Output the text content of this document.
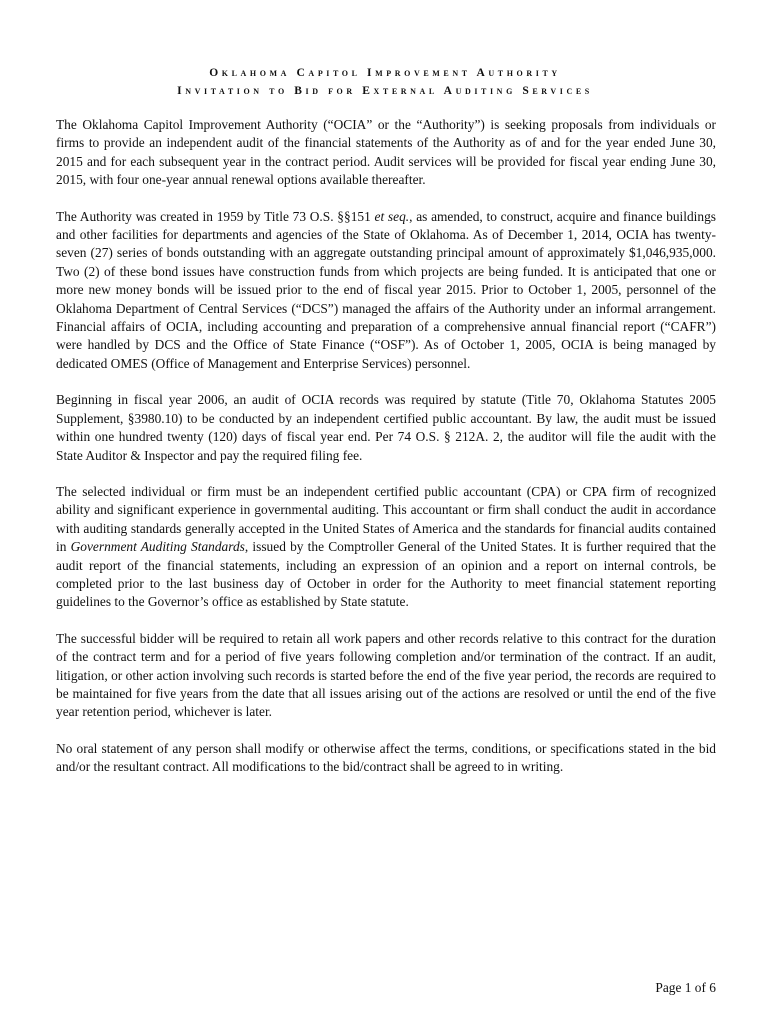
Oklahoma Capitol Improvement Authority
Invitation to Bid for External Auditing Services

The Oklahoma Capitol Improvement Authority (“OCIA” or the “Authority”) is seeking proposals from individuals or firms to provide an independent audit of the financial statements of the Authority as of and for the year ended June 30, 2015 and for each subsequent year in the contract period. Audit services will be provided for fiscal year ending June 30, 2015, with four one-year annual renewal options available thereafter.

The Authority was created in 1959 by Title 73 O.S. §§151 et seq., as amended, to construct, acquire and finance buildings and other facilities for departments and agencies of the State of Oklahoma. As of December 1, 2014, OCIA has twenty-seven (27) series of bonds outstanding with an aggregate outstanding principal amount of approximately $1,046,935,000. Two (2) of these bond issues have construction funds from which projects are being funded. It is anticipated that one or more new money bonds will be issued prior to the end of fiscal year 2015. Prior to October 1, 2005, personnel of the Oklahoma Department of Central Services (“DCS”) managed the affairs of the Authority under an informal arrangement. Financial affairs of OCIA, including accounting and preparation of a comprehensive annual financial report (“CAFR”) were handled by DCS and the Office of State Finance (“OSF”). As of October 1, 2005, OCIA is being managed by dedicated OMES (Office of Management and Enterprise Services) personnel.

Beginning in fiscal year 2006, an audit of OCIA records was required by statute (Title 70, Oklahoma Statutes 2005 Supplement, §3980.10) to be conducted by an independent certified public accountant. By law, the audit must be issued within one hundred twenty (120) days of fiscal year end. Per 74 O.S. § 212A. 2, the auditor will file the audit with the State Auditor & Inspector and pay the required filing fee.

The selected individual or firm must be an independent certified public accountant (CPA) or CPA firm of recognized ability and significant experience in governmental auditing. This accountant or firm shall conduct the audit in accordance with auditing standards generally accepted in the United States of America and the standards for financial audits contained in Government Auditing Standards, issued by the Comptroller General of the United States. It is further required that the audit report of the financial statements, including an expression of an opinion and a report on internal controls, be completed prior to the last business day of October in order for the Authority to meet financial statement reporting guidelines to the Governor’s office as established by State statute.

The successful bidder will be required to retain all work papers and other records relative to this contract for the duration of the contract term and for a period of five years following completion and/or termination of the contract. If an audit, litigation, or other action involving such records is started before the end of the five year period, the records are required to be maintained for five years from the date that all issues arising out of the actions are resolved or until the end of the five year retention period, whichever is later.

No oral statement of any person shall modify or otherwise affect the terms, conditions, or specifications stated in the bid and/or the resultant contract. All modifications to the bid/contract shall be agreed to in writing.

Page 1 of 6
